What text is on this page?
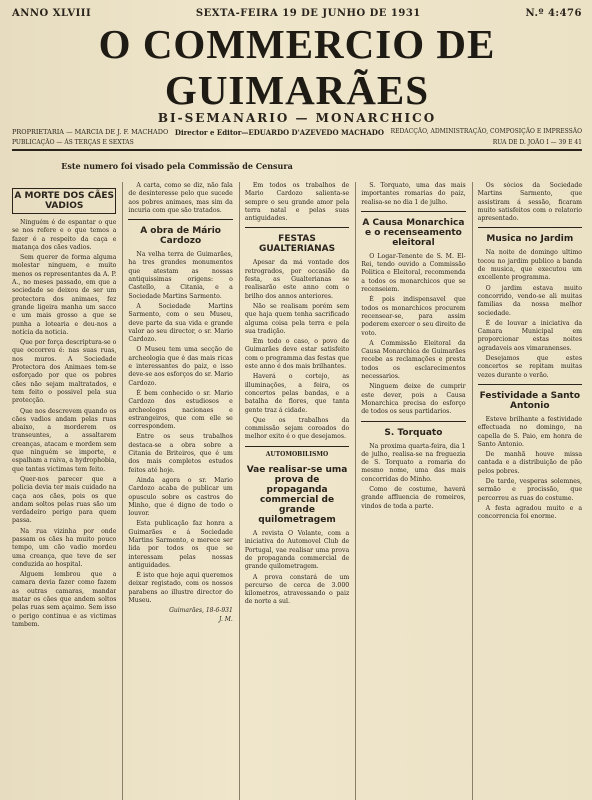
ANNO XLVIII	SEXTA-FEIRA 19 DE JUNHO DE 1931	N.º 4:476
O COMMERCIO DE GUIMARÃES
BI-SEMANARIO — MONARCHICO
PROPRIETARIA — MARCIA DE J. F. MACHADO Director e Editor—EDUARDO D'AZEVEDO MACHADO REDACÇÃO, ADMINISTRAÇÃO, COMPOSIÇÃO E IMPRESSÃO
PUBLICAÇÃO — ÁS TERÇAS E SEXTAS	RUA DE D. JOÃO I — 39 E 41
Este numero foi visado pela Commissão de Censura
A MORTE DOS CÃES VADIOS

Ninguém é de espantar o que se nos refere e o que temos a fazer é a respeito da caça e matança dos cães vadios.

Sem querer de forma alguma molestar ninguem, e muito menos os representantes da A. P. A., no meses passado, em que a sociedade se deixou de ser um protectora dos animaes, fez grande ligeira manha um sacco e um mais grosso a que se punha a lotearia e deu-nos a notícia da noticia.

Que por força descriptura-se o que occorreu é: nas suas ruas, nos muros. A Sociedade Protectora dos Animaes tem-se esforçado por que os pobres cães não sejam maltratados, e tem feito o possivel pela sua protecção.

Que nos descrevem quando os cães vadios andam pelas ruas abaixo, a morderem os transeuntes, a assaltarem creanças, atacam e mordem sem que ninguém se importe, e espalham a raiva, a hydrophobia, que tantas victimas tem feito.

Quer-nos parecer que a policia devia ter mais cuidado na caça aos cães, pois os que andam soltos pelas ruas são um verdadeiro perigo para quem passa.

Na rua vizinha por onde passam os cães ha muito pouco tempo, um cão vadio mordeu uma creança, que teve de ser conduzida ao hospital.

Alguem lembrou que a camara devia fazer como fazem as outras camaras, mandar matar os cães que andem soltos pelas ruas sem açaimo. Sem isso o perigo continua e as victimas tambem.

A carta, como se diz, não fala de desinteresse pelo que sucede aos pobres animaes, mas sim da incuria com que são tratados.

A obra de Mário Cardozo

Na velha terra de Guimarães, ha tres grandes monumentos que atestam as nossas antiquissimas origens: o Castello, a Citania, e a Sociedade Martins Sarmento.

A Sociedade Martins Sarmento, com o seu Museu, deve parte da sua vida e grande valor ao seu director, o sr. Mario Cardozo.

O Museu tem uma secção de archeologia que é das mais ricas e interessantes do paiz, e isso deve-se aos esforços do sr. Mario Cardozo.

É bem conhecido o sr. Mario Cardozo dos estudiosos e archeologos nacionaes e estrangeiros, que com elle se correspondem.

Entre os seus trabalhos destaca-se a obra sobre a Citania de Briteiros, que é um dos mais completos estudos feitos até hoje.

Ainda agora o sr. Mario Cardozo acaba de publicar um opusculo sobre os castros do Minho, que é digno de todo o louvor.

Esta publicação faz honra a Guimarães e á Sociedade Martins Sarmento, e merece ser lida por todos os que se interessam pelas nossas antiguidades.

É isto que hoje aqui queremos deixar registado, com os nossos parabens ao illustre director do Museu.

Guimarães, 18-6-931
J. M.

Em todos os trabalhos de Mario Cardozo salienta-se sempre o seu grande amor pela terra natal e pelas suas antiguidades.

FESTAS GUALTERIANAS

Apesar da má vontade dos retrogrados, por occasião da festa, as Gualterianas se realisarão este anno com o brilho dos annos anteriores.

Não se realisam porém sem que haja quem tenha sacrificado alguma coisa pela terra e pela sua tradição.

Em todo o caso, o povo de Guimarães deve estar satisfeito com o programma das festas que este anno é dos mais brilhantes.

Haverá o cortejo, as illuminações, a feira, os concertos pelas bandas, e a batalha de flores, que tanta gente traz á cidade.

Que os trabalhos da commissão sejam coroados do melhor exito é o que desejamos.

AUTOMOBILISMO
Vae realisar-se uma prova de propaganda commercial de grande quilometragem

A revista O Volante, com a iniciativa do Automovel Club de Portugal, vae realisar uma prova de propaganda commercial de grande quilometragem.

A prova constará de um percurso de cerca de 3.000 kilometros, atravessando o paiz de norte a sul.

S. Torquato, uma das mais importantes romarias do paiz, realisa-se no dia 1 de julho.

A Causa Monarchica e o recenseamento eleitoral

O Logar-Tenente de S. M. El-Rei, tendo ouvido a Commissão Politica e Eleitoral, recommenda a todos os monarchicos que se recenseiem.

É pois indispensavel que todos os monarchicos procurem recensear-se, para assim poderem exercer o seu direito de voto.

A Commissão Eleitoral da Causa Monarchica de Guimarães recebe as reclamações e presta todos os esclarecimentos necessarios.

Ninguem deixe de cumprir este dever, pois a Causa Monarchica precisa do esforço de todos os seus partidarios.

S. Torquato

Na proxima quarta-feira, dia 1 de julho, realisa-se na freguezia de S. Torquato a romaria do mesmo nome, uma das mais concorridas do Minho.

Como de costume, haverá grande affluencia de romeiros, vindos de toda a parte.

Os sócios da Sociedade Martins Sarmento, que assistiram á sessão, ficaram muito satisfeitos com o relatorio apresentado.

Musica no Jardim

Na noite de domingo ultimo tocou no jardim publico a banda de musica, que executou um excellente programma.

O jardim estava muito concorrido, vendo-se ali muitas familias da nossa melhor sociedade.

É de louvar a iniciativa da Camara Municipal em proporcionar estas noites agradaveis aos vimaranenses.

Desejamos que estes concertos se repitam muitas vezes durante o verão.

Festividade a Santo Antonio

Esteve brilhante a festividade effectuada no domingo, na capella de S. Paio, em honra de Santo Antonio.

De manhã houve missa cantada e a distribuição de pão pelos pobres.

De tarde, vesperas solemnes, sermão e procissão, que percorreu as ruas do costume.

A festa agradou muito e a concorrencia foi enorme.
